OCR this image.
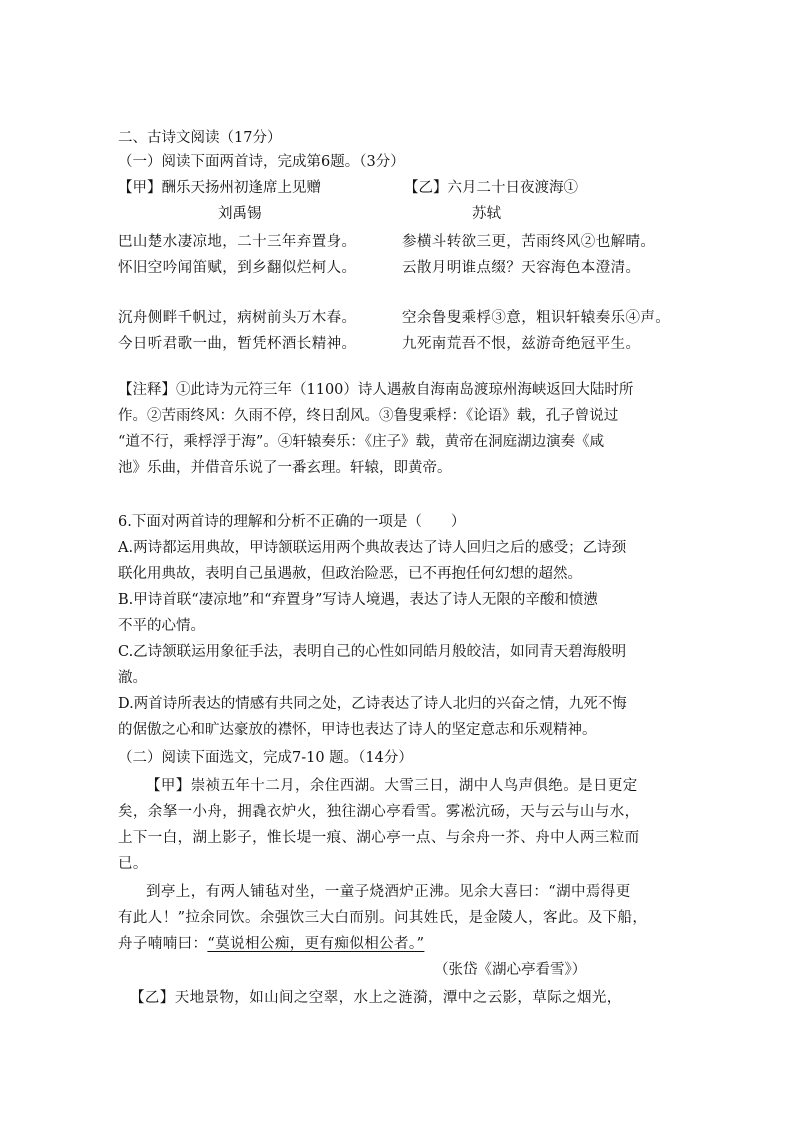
二、古诗文阅读（17分）
（一）阅读下面两首诗，完成第6题。（3分）
【甲】酬乐天扬州初逢席上见赠	【乙】六月二十日夜渡海①
刘禹锡	苏轼
巴山楚水凄凉地，二十三年弃置身。	参横斗转欲三更，苦雨终风②也解晴。
怀旧空吟闻笛赋，到乡翻似烂柯人。	云散月明谁点缀？天容海色本澄清。
沉舟侧畔千帆过，病树前头万木春。	空余鲁叟乘桴③意，粗识轩辕奏乐④声。
今日听君歌一曲，暂凭杯酒长精神。	九死南荒吾不恨，兹游奇绝冠平生。
【注释】①此诗为元符三年（1100）诗人遇赦自海南岛渡琼州海峡返回大陆时所
作。②苦雨终风：久雨不停，终日刮风。③鲁叟乘桴：《论语》载，孔子曾说过
“道不行，乘桴浮于海”。④轩辕奏乐：《庄子》载，黄帝在洞庭湖边演奏《咸
池》乐曲，并借音乐说了一番玄理。轩辕，即黄帝。
6.下面对两首诗的理解和分析不正确的一项是（　　）
A.两诗都运用典故，甲诗颔联运用两个典故表达了诗人回归之后的感受；乙诗颈
联化用典故，表明自己虽遇赦，但政治险恶，已不再抱任何幻想的超然。
B.甲诗首联“凄凉地”和“弃置身”写诗人境遇，表达了诗人无限的辛酸和愤懑
不平的心情。
C.乙诗颔联运用象征手法，表明自己的心性如同皓月般皎洁，如同青天碧海般明
澈。
D.两首诗所表达的情感有共同之处，乙诗表达了诗人北归的兴奋之情，九死不悔
的倨傲之心和旷达豪放的襟怀，甲诗也表达了诗人的坚定意志和乐观精神。
（二）阅读下面选文，完成7-10 题。（14分）
【甲】崇祯五年十二月，余住西湖。大雪三日，湖中人鸟声俱绝。是日更定
矣，余拏一小舟，拥毳衣炉火，独往湖心亭看雪。雾凇沆砀，天与云与山与水，
上下一白，湖上影子，惟长堤一痕、湖心亭一点、与余舟一芥、舟中人两三粒而
已。
到亭上，有两人铺毡对坐，一童子烧酒炉正沸。见余大喜曰：“湖中焉得更
有此人！”拉余同饮。余强饮三大白而别。问其姓氏，是金陵人，客此。及下船，
舟子喃喃曰：“莫说相公痴，更有痴似相公者。”
（张岱《湖心亭看雪》）
【乙】天地景物，如山间之空翠，水上之涟漪，潭中之云影，草际之烟光，
